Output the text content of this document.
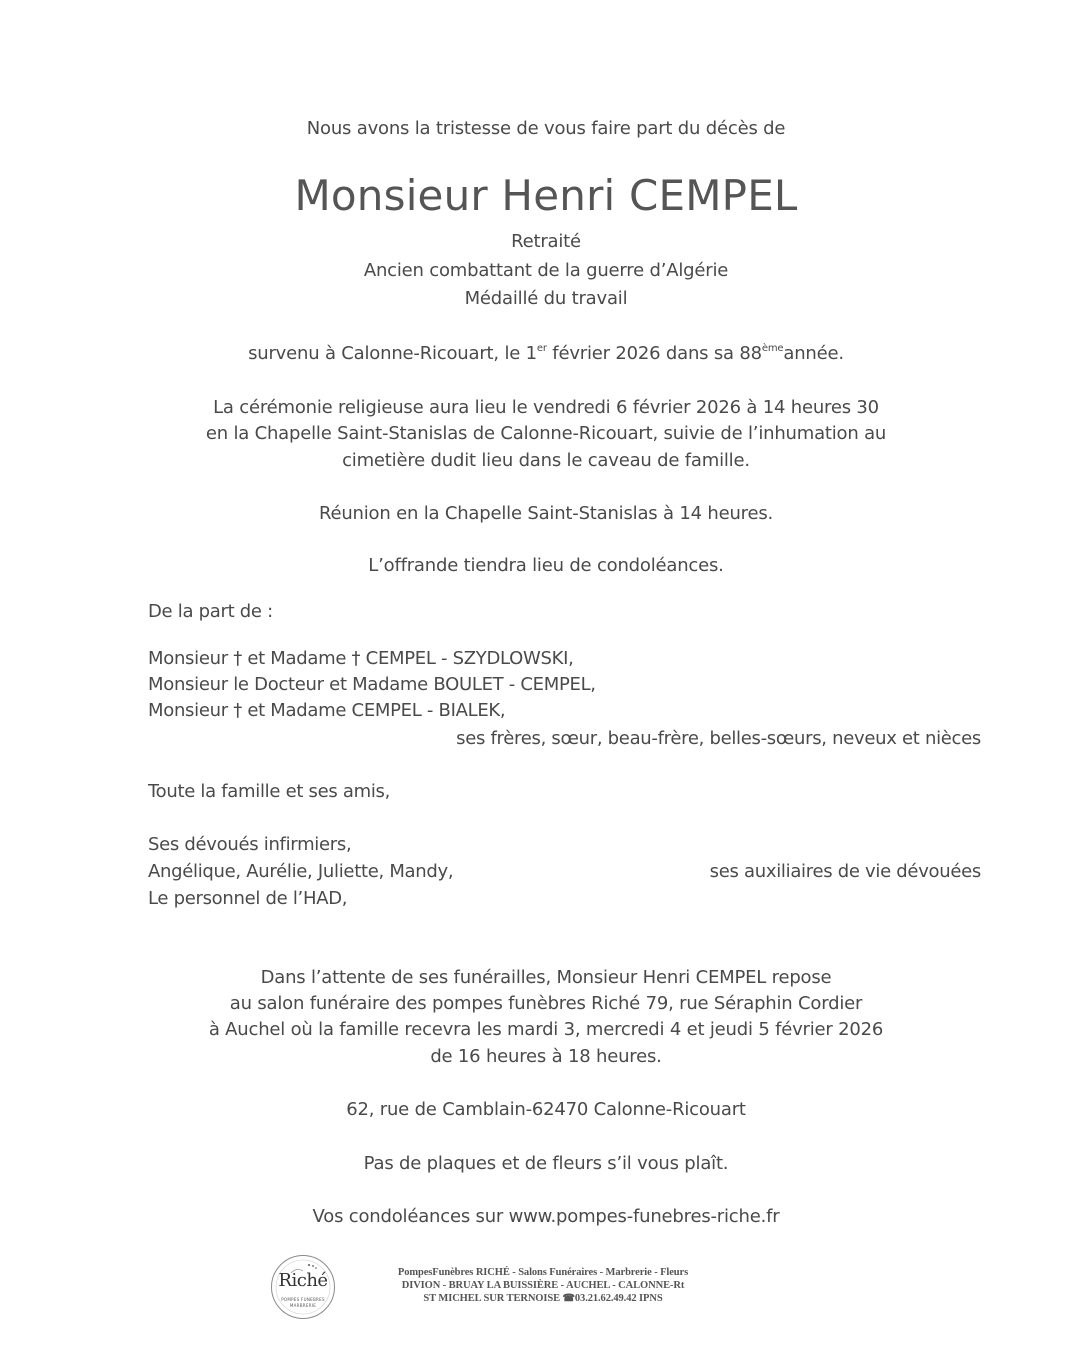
Nous avons la tristesse de vous faire part du décès de
Monsieur Henri CEMPEL
Retraité
Ancien combattant de la guerre d’Algérie
Médaillé du travail
survenu à Calonne-Ricouart, le 1er février 2026 dans sa 88èmeannée.
La cérémonie religieuse aura lieu le vendredi 6 février 2026 à 14 heures 30
en la Chapelle Saint-Stanislas de Calonne-Ricouart, suivie de l’inhumation au
cimetière dudit lieu dans le caveau de famille.
Réunion en la Chapelle Saint-Stanislas à 14 heures.
L’offrande tiendra lieu de condoléances.
De la part de :
Monsieur † et Madame † CEMPEL - SZYDLOWSKI,
Monsieur le Docteur et Madame BOULET - CEMPEL,
Monsieur † et Madame CEMPEL - BIALEK,
ses frères, sœur, beau-frère, belles-sœurs, neveux et nièces
Toute la famille et ses amis,
Ses dévoués infirmiers,
Angélique, Aurélie, Juliette, Mandy,	ses auxiliaires de vie dévouées
Le personnel de l’HAD,
Dans l’attente de ses funérailles, Monsieur Henri CEMPEL repose
au salon funéraire des pompes funèbres Riché 79, rue Séraphin Cordier
à Auchel où la famille recevra les mardi 3, mercredi 4 et jeudi 5 février 2026
de 16 heures à 18 heures.
62, rue de Camblain-62470 Calonne-Ricouart
Pas de plaques et de fleurs s’il vous plaît.
Vos condoléances sur www.pompes-funebres-riche.fr
Riché
POMPES FUNEBRES
MARBRERIE
PompesFunèbres RICHÉ - Salons Funéraires - Marbrerie - Fleurs
DIVION - BRUAY LA BUISSIÈRE - AUCHEL - CALONNE-Rt
ST MICHEL SUR TERNOISE ☎03.21.62.49.42 IPNS
